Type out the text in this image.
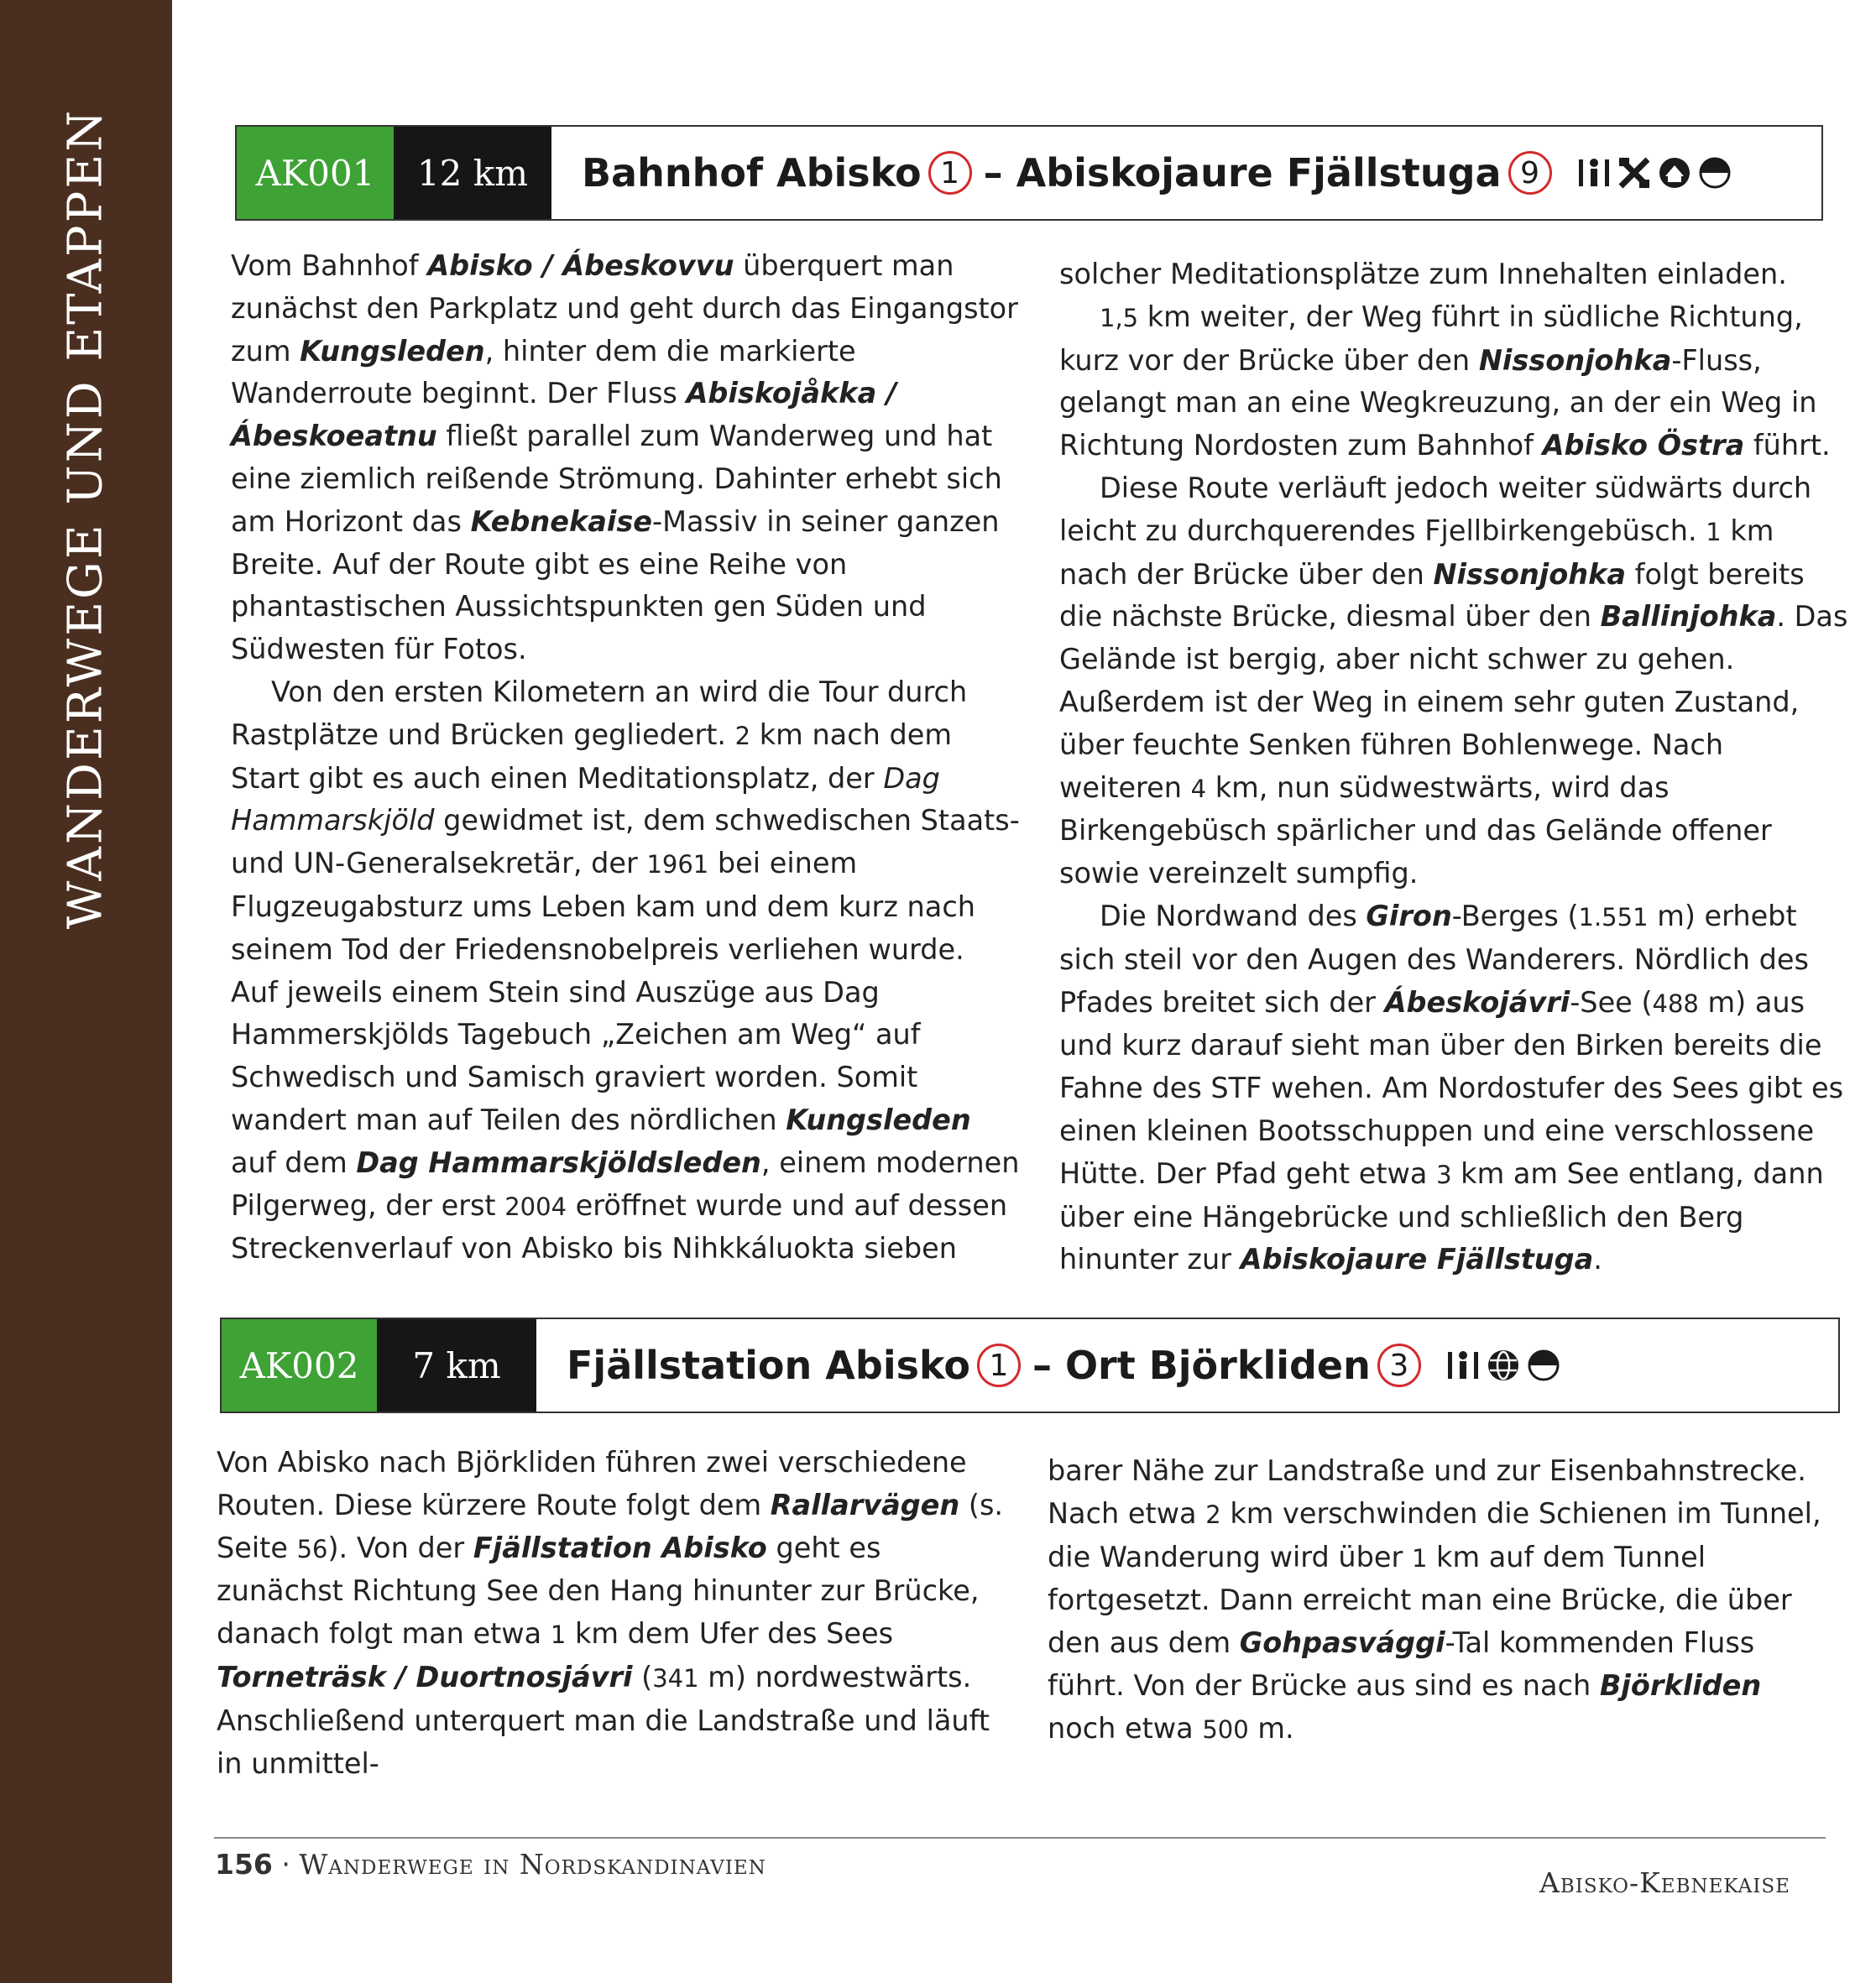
WANDERWEGE UND ETAPPEN	AK001	12 km	Bahnhof Abisko 1 – Abiskojaure Fjällstuga 9

Vom Bahnhof Abisko / Ábeskovvu überquert man zunächst den Parkplatz und geht durch das Eingangstor zum Kungsleden, hinter dem die markierte Wanderroute beginnt. Der Fluss Abiskojåkka / Ábeskoeatnu fließt parallel zum Wanderweg und hat eine ziemlich reißende Strömung. Dahinter erhebt sich am Horizont das Kebnekaise-Massiv in seiner ganzen Breite. Auf der Route gibt es eine Reihe von phantastischen Aussichtspunkten gen Süden und Südwesten für Fotos.

Von den ersten Kilometern an wird die Tour durch Rastplätze und Brücken gegliedert. 2 km nach dem Start gibt es auch einen Meditationsplatz, der Dag Hammarskjöld gewidmet ist, dem schwedischen Staats- und UN-Generalsekretär, der 1961 bei einem Flugzeugabsturz ums Leben kam und dem kurz nach seinem Tod der Friedensnobelpreis verliehen wurde. Auf jeweils einem Stein sind Auszüge aus Dag Hammerskjölds Tagebuch „Zeichen am Weg“ auf Schwedisch und Samisch graviert worden. Somit wandert man auf Teilen des nördlichen Kungsleden auf dem Dag Hammarskjöldsleden, einem modernen Pilgerweg, der erst 2004 eröffnet wurde und auf dessen Streckenverlauf von Abisko bis Nihkkáluokta sieben

solcher Meditationsplätze zum Innehalten einladen.

1,5 km weiter, der Weg führt in südliche Richtung, kurz vor der Brücke über den Nissonjohka-Fluss, gelangt man an eine Wegkreuzung, an der ein Weg in Richtung Nordosten zum Bahnhof Abisko Östra führt.

Diese Route verläuft jedoch weiter südwärts durch leicht zu durchquerendes Fjellbirkengebüsch. 1 km nach der Brücke über den Nissonjohka folgt bereits die nächste Brücke, diesmal über den Ballinjohka. Das Gelände ist bergig, aber nicht schwer zu gehen. Außerdem ist der Weg in einem sehr guten Zustand, über feuchte Senken führen Bohlenwege. Nach weiteren 4 km, nun südwestwärts, wird das Birkengebüsch spärlicher und das Gelände offener sowie vereinzelt sumpfig.

Die Nordwand des Giron-Berges (1.551 m) erhebt sich steil vor den Augen des Wanderers. Nördlich des Pfades breitet sich der Ábeskojávri-See (488 m) aus und kurz darauf sieht man über den Birken bereits die Fahne des STF wehen. Am Nordostufer des Sees gibt es einen kleinen Bootsschuppen und eine verschlossene Hütte. Der Pfad geht etwa 3 km am See entlang, dann über eine Hängebrücke und schließlich den Berg hinunter zur Abiskojaure Fjällstuga.

AK002	7 km	Fjällstation Abisko 1 – Ort Björkliden 3

Von Abisko nach Björkliden führen zwei verschiedene Routen. Diese kürzere Route folgt dem Rallarvägen (s. Seite 56). Von der Fjällstation Abisko geht es zunächst Richtung See den Hang hinunter zur Brücke, danach folgt man etwa 1 km dem Ufer des Sees Torneträsk / Duortnosjávri (341 m) nordwestwärts. Anschließend unterquert man die Landstraße und läuft in unmittel-

barer Nähe zur Landstraße und zur Eisenbahnstrecke. Nach etwa 2 km verschwinden die Schienen im Tunnel, die Wanderung wird über 1 km auf dem Tunnel fortgesetzt. Dann erreicht man eine Brücke, die über den aus dem Gohpasvággi-Tal kommenden Fluss führt. Von der Brücke aus sind es nach Björkliden noch etwa 500 m.

156 · Wanderwege in Nordskandinavien
Abisko-Kebnekaise
